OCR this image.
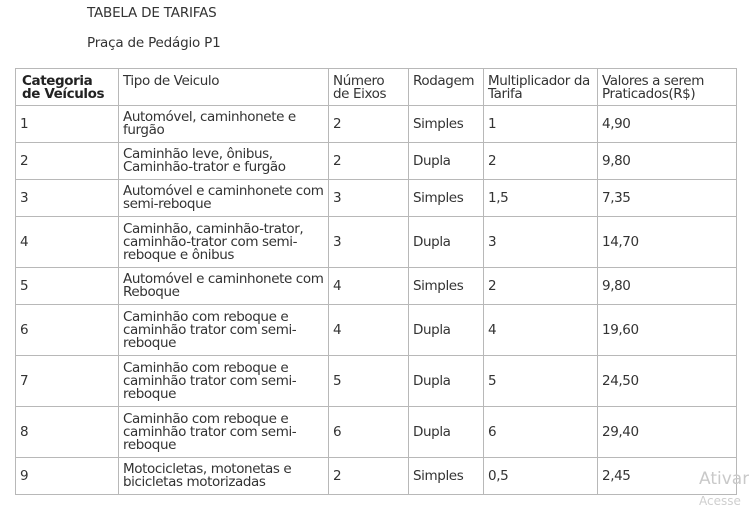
TABELA DE TARIFAS
Praça de Pedágio P1
Categoria de Veículos	Tipo de Veiculo	Número de Eixos	Rodagem	Multiplicador da Tarifa	Valores a serem Praticados(R$)
1	Automóvel, caminhonete e furgão	2	Simples	1	4,90
2	Caminhão leve, ônibus, Caminhão-trator e furgão	2	Dupla	2	9,80
3	Automóvel e caminhonete com semi-reboque	3	Simples	1,5	7,35
4	Caminhão, caminhão-trator, caminhão-trator com semi-reboque e ônibus	3	Dupla	3	14,70
5	Automóvel e caminhonete com Reboque	4	Simples	2	9,80
6	Caminhão com reboque e caminhão trator com semi-reboque	4	Dupla	4	19,60
7	Caminhão com reboque e caminhão trator com semi-reboque	5	Dupla	5	24,50
8	Caminhão com reboque e caminhão trator com semi-reboque	6	Dupla	6	29,40
9	Motocicletas, motonetas e bicicletas motorizadas	2	Simples	0,5	2,45	Ativar
Acesse
